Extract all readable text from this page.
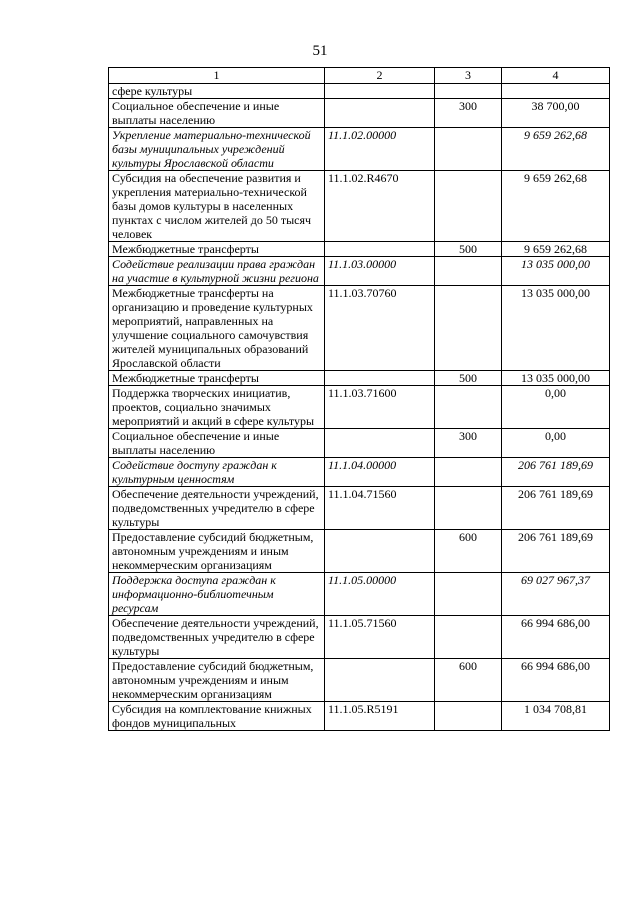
51
1	2	3	4
сфере культуры			
Социальное обеспечение и иные выплаты населению		300	38 700,00
Укрепление материально-технической базы муниципальных учреждений культуры Ярославской области	11.1.02.00000		9 659 262,68
Субсидия на обеспечение развития и укрепления материально-технической базы домов культуры в населенных пунктах с числом жителей до 50 тысяч человек	11.1.02.R4670		9 659 262,68
Межбюджетные трансферты		500	9 659 262,68
Содействие реализации права граждан на участие в культурной жизни региона	11.1.03.00000		13 035 000,00
Межбюджетные трансферты на организацию и проведение культурных мероприятий, направленных на улучшение социального самочувствия жителей муниципальных образований Ярославской области	11.1.03.70760		13 035 000,00
Межбюджетные трансферты		500	13 035 000,00
Поддержка творческих инициатив, проектов, социально значимых мероприятий и акций в сфере культуры	11.1.03.71600		0,00
Социальное обеспечение и иные выплаты населению		300	0,00
Содействие доступу граждан к культурным ценностям	11.1.04.00000		206 761 189,69
Обеспечение деятельности учреждений, подведомственных учредителю в сфере культуры	11.1.04.71560		206 761 189,69
Предоставление субсидий бюджетным, автономным учреждениям и иным некоммерческим организациям		600	206 761 189,69
Поддержка доступа граждан к информационно-библиотечным ресурсам	11.1.05.00000		69 027 967,37
Обеспечение деятельности учреждений, подведомственных учредителю в сфере культуры	11.1.05.71560		66 994 686,00
Предоставление субсидий бюджетным, автономным учреждениям и иным некоммерческим организациям		600	66 994 686,00
Субсидия на комплектование книжных фондов муниципальных	11.1.05.R5191		1 034 708,81
